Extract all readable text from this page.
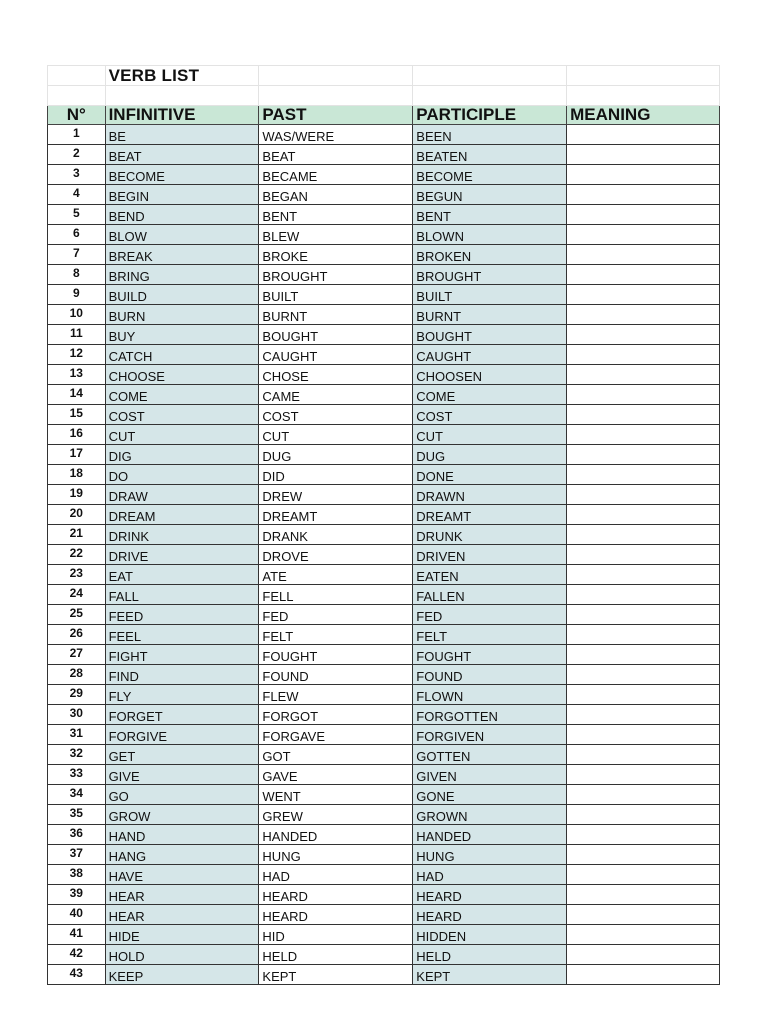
	VERB LIST			

N°	INFINITIVE	PAST	PARTICIPLE	MEANING
1	BE	WAS/WERE	BEEN	
2	BEAT	BEAT	BEATEN	
3	BECOME	BECAME	BECOME	
4	BEGIN	BEGAN	BEGUN	
5	BEND	BENT	BENT	
6	BLOW	BLEW	BLOWN	
7	BREAK	BROKE	BROKEN	
8	BRING	BROUGHT	BROUGHT	
9	BUILD	BUILT	BUILT	
10	BURN	BURNT	BURNT	
11	BUY	BOUGHT	BOUGHT	
12	CATCH	CAUGHT	CAUGHT	
13	CHOOSE	CHOSE	CHOOSEN	
14	COME	CAME	COME	
15	COST	COST	COST	
16	CUT	CUT	CUT	
17	DIG	DUG	DUG	
18	DO	DID	DONE	
19	DRAW	DREW	DRAWN	
20	DREAM	DREAMT	DREAMT	
21	DRINK	DRANK	DRUNK	
22	DRIVE	DROVE	DRIVEN	
23	EAT	ATE	EATEN	
24	FALL	FELL	FALLEN	
25	FEED	FED	FED	
26	FEEL	FELT	FELT	
27	FIGHT	FOUGHT	FOUGHT	
28	FIND	FOUND	FOUND	
29	FLY	FLEW	FLOWN	
30	FORGET	FORGOT	FORGOTTEN	
31	FORGIVE	FORGAVE	FORGIVEN	
32	GET	GOT	GOTTEN	
33	GIVE	GAVE	GIVEN	
34	GO	WENT	GONE	
35	GROW	GREW	GROWN	
36	HAND	HANDED	HANDED	
37	HANG	HUNG	HUNG	
38	HAVE	HAD	HAD	
39	HEAR	HEARD	HEARD	
40	HEAR	HEARD	HEARD	
41	HIDE	HID	HIDDEN	
42	HOLD	HELD	HELD	
43	KEEP	KEPT	KEPT	
